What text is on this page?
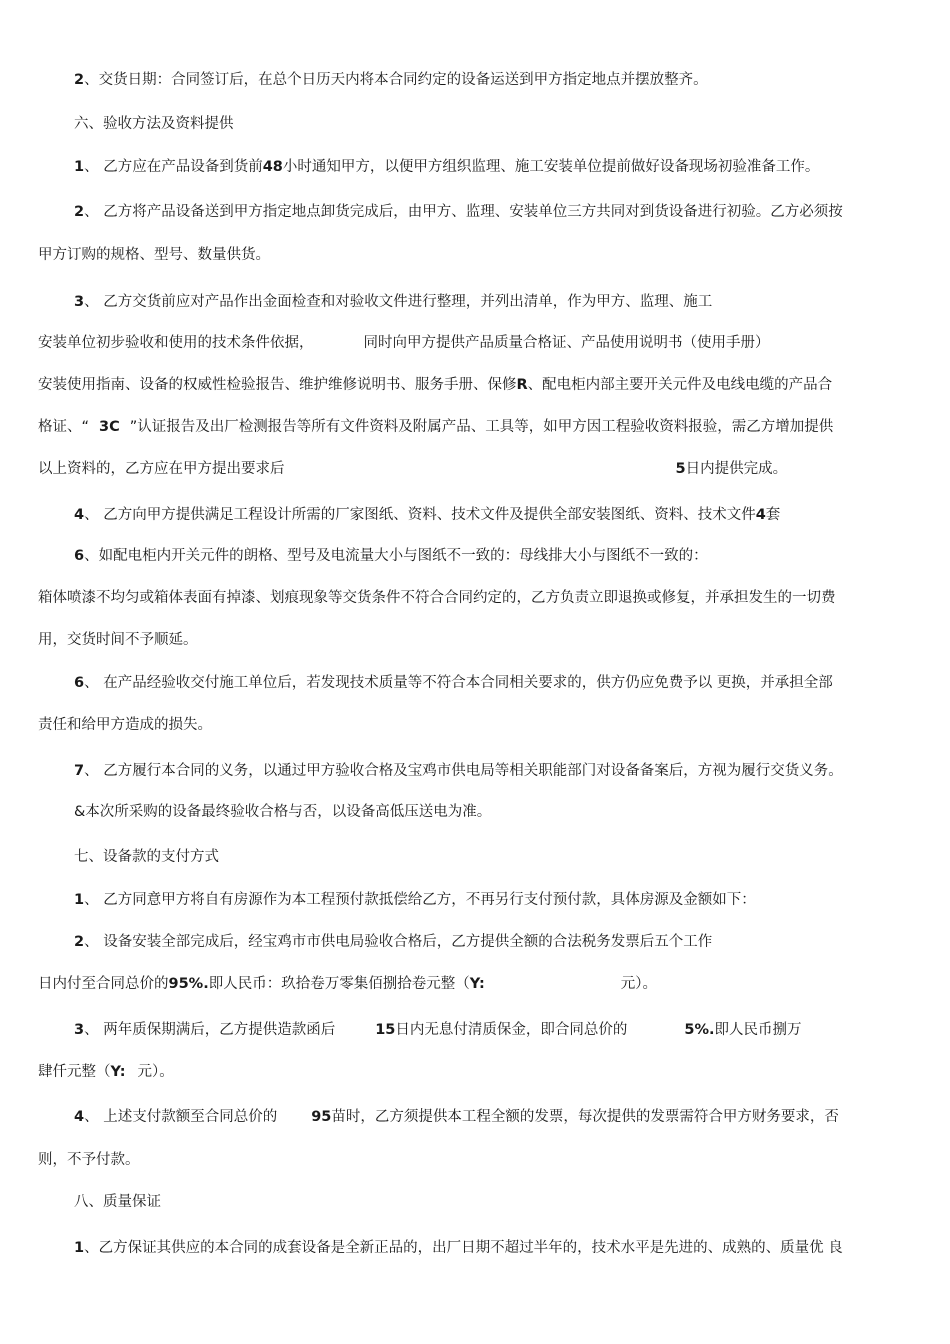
2、交货日期：合同签订后，在总个日历天内将本合同约定的设备运送到甲方指定地点并摆放整齐。
六、验收方法及资料提供
1、 乙方应在产品设备到货前48小时通知甲方，以便甲方组织监理、施工安装单位提前做好设备现场初验准备工作。
2、 乙方将产品设备送到甲方指定地点卸货完成后，由甲方、监理、安装单位三方共同对到货设备进行初验。乙方必须按
甲方订购的规格、型号、数量供货。
3、 乙方交货前应对产品作出金面检查和对验收文件进行整理，并列出清单，作为甲方、监理、施工
安装单位初步验收和使用的技术条件依据，	同时向甲方提供产品质量合格证、产品使用说明书（使用手册）
安装使用指南、设备的权威性检验报告、维护维修说明书、服务手册、保修R、配电柜内部主要开关元件及电线电缆的产品合
格证、“ 3C ”认证报告及出厂检测报告等所有文件资料及附属产品、工具等，如甲方因工程验收资料报验，需乙方增加提供
以上资料的，乙方应在甲方提出要求后	5日内提供完成。
4、 乙方向甲方提供满足工程设计所需的厂家图纸、资料、技术文件及提供全部安装图纸、资料、技术文件4套
6、如配电柜内开关元件的朗格、型号及电流量大小与图纸不一致的：母线排大小与图纸不一致的：
箱体喷漆不均匀或箱体表面有掉漆、划痕现象等交货条件不符合合同约定的，乙方负责立即退换或修复，并承担发生的一切费
用，交货时间不予顺延。
6、 在产品经验收交付施工单位后，若发现技术质量等不符合本合同相关要求的，供方仍应免费予以 更换，并承担全部
责任和给甲方造成的损失。
7、 乙方履行本合同的义务，以通过甲方验收合格及宝鸡市供电局等相关职能部门对设备备案后，方视为履行交货义务。
&本次所采购的设备最终验收合格与否，以设备高低压送电为准。
七、设备款的支付方式
1、 乙方同意甲方将自有房源作为本工程预付款抵偿给乙方，不再另行支付预付款，具体房源及金额如下：
2、 设备安装全部完成后，经宝鸡市市供电局验收合格后，乙方提供全额的合法税务发票后五个工作
日内付至合同总价的95%.即人民币：玖拾卷万零集佰捌拾卷元整（Y:	元）。
3、 两年质保期满后，乙方提供造款函后	15日内无息付清质保金，即合同总价的	5%.即人民币捌万
肆仟元整（Y: 元）。
4、 上述支付款额至合同总价的 95苗时，乙方须提供本工程全额的发票，每次提供的发票需符合甲方财务要求，否
则，不予付款。
八、质量保证
1、乙方保证其供应的本合同的成套设备是全新正品的，出厂日期不超过半年的，技术水平是先进的、成熟的、质量优 良
